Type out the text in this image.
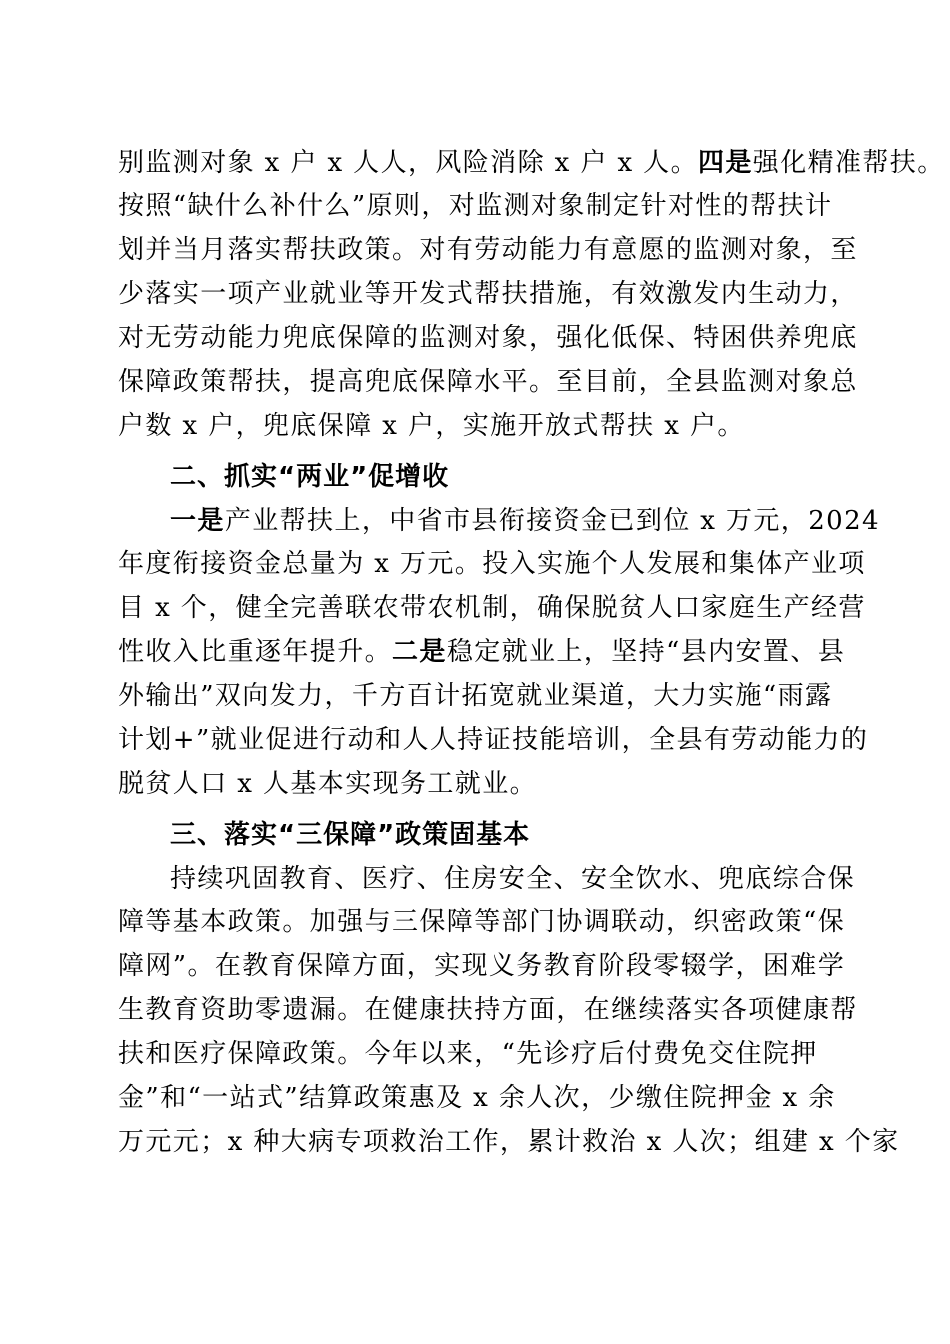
别监测对象 x 户 x 人人，风险消除 x 户 x 人。四是强化精准帮扶。
按照“缺什么补什么”原则，对监测对象制定针对性的帮扶计
划并当月落实帮扶政策。对有劳动能力有意愿的监测对象，至
少落实一项产业就业等开发式帮扶措施，有效激发内生动力，
对无劳动能力兜底保障的监测对象，强化低保、特困供养兜底
保障政策帮扶，提高兜底保障水平。至目前，全县监测对象总
户数 x 户，兜底保障 x 户，实施开放式帮扶 x 户。
二、抓实“两业”促增收
一是产业帮扶上，中省市县衔接资金已到位 x 万元，2024
年度衔接资金总量为 x 万元。投入实施个人发展和集体产业项
目 x 个，健全完善联农带农机制，确保脱贫人口家庭生产经营
性收入比重逐年提升。二是稳定就业上，坚持“县内安置、县
外输出”双向发力，千方百计拓宽就业渠道，大力实施“雨露
计划+”就业促进行动和人人持证技能培训，全县有劳动能力的
脱贫人口 x 人基本实现务工就业。
三、落实“三保障”政策固基本
持续巩固教育、医疗、住房安全、安全饮水、兜底综合保
障等基本政策。加强与三保障等部门协调联动，织密政策“保
障网”。在教育保障方面，实现义务教育阶段零辍学，困难学
生教育资助零遗漏。在健康扶持方面，在继续落实各项健康帮
扶和医疗保障政策。今年以来，“先诊疗后付费免交住院押
金”和“一站式”结算政策惠及 x 余人次，少缴住院押金 x 余
万元元；x 种大病专项救治工作，累计救治 x 人次；组建 x 个家
